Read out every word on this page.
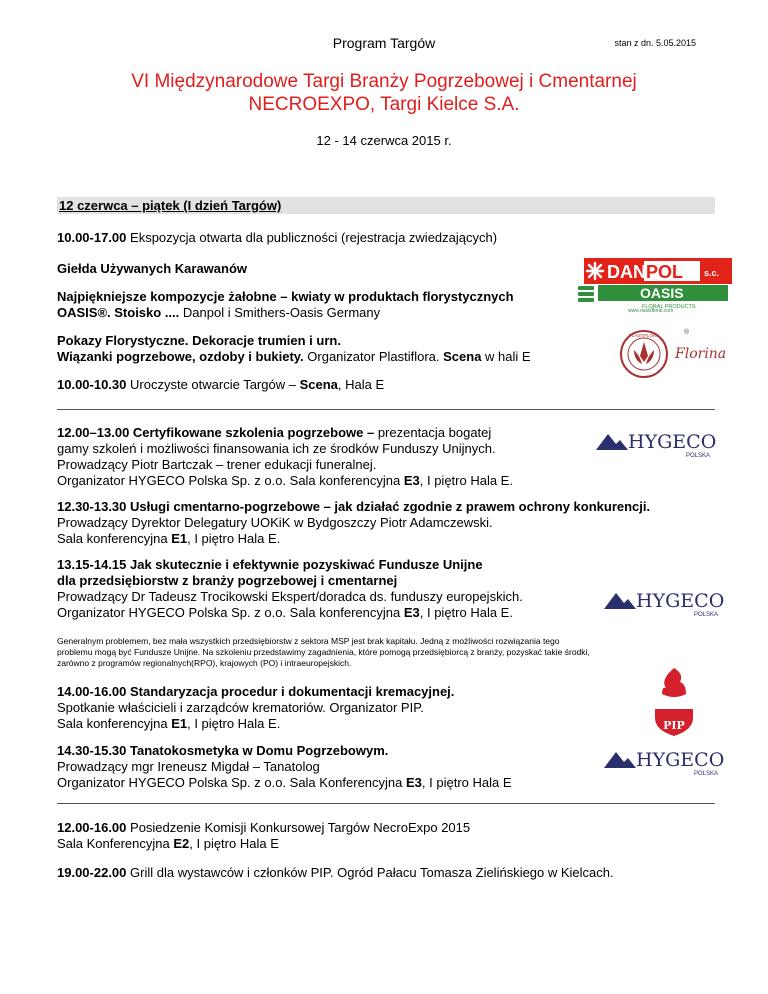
Program Targów	stan z dn. 5.05.2015
VI Międzynarodowe Targi Branży Pogrzebowej i Cmentarnej
NECROEXPO, Targi Kielce S.A.
12 - 14 czerwca 2015 r.
12 czerwca – piątek (I dzień Targów)
10.00-17.00 Ekspozycja otwarta dla publiczności (rejestracja zwiedzających)
Giełda Używanych Karawanów
Najpiękniejsze kompozycje żałobne – kwiaty w produktach florystycznych
OASIS®. Stoisko .... Danpol i Smithers-Oasis Germany
Pokazy Florystyczne. Dekoracje trumien i urn.
Wiązanki pogrzebowe, ozdoby i bukiety. Organizator Plastiflora. Scena w hali E
10.00-10.30 Uroczyste otwarcie Targów – Scena, Hala E
12.00–13.00 Certyfikowane szkolenia pogrzebowe – prezentacja bogatej
gamy szkoleń i możliwości finansowania ich ze środków Funduszy Unijnych.
Prowadzący Piotr Bartczak – trener edukacji funeralnej.
Organizator HYGECO Polska Sp. z o.o. Sala konferencyjna E3, I piętro Hala E.
12.30-13.30 Usługi cmentarno-pogrzebowe – jak działać zgodnie z prawem ochrony konkurencji.
Prowadzący Dyrektor Delegatury UOKiK w Bydgoszczy Piotr Adamczewski.
Sala konferencyjna E1, I piętro Hala E.
13.15-14.15 Jak skutecznie i efektywnie pozyskiwać Fundusze Unijne
dla przedsiębiorstw z branży pogrzebowej i cmentarnej
Prowadzący Dr Tadeusz Trocikowski Ekspert/doradca ds. funduszy europejskich.
Organizator HYGECO Polska Sp. z o.o. Sala konferencyjna E3, I piętro Hala E.
Generalnym problemem, bez mała wszystkich przedsiębiorstw z sektora MSP jest brak kapitału. Jedną z możliwości rozwiązania tego
problemu mogą być Fundusze Unijne. Na szkoleniu przedstawimy zagadnienia, które pomogą przedsiębiorcą z branży, pozyskać takie środki,
zarówno z programów regionalnych(RPO), krajowych (PO) i intraeuropejskich.
14.00-16.00 Standaryzacja procedur i dokumentacji kremacyjnej.
Spotkanie właścicieli i zarządców krematoriów. Organizator PIP.
Sala konferencyjna E1, I piętro Hala E.
14.30-15.30 Tanatokosmetyka w Domu Pogrzebowym.
Prowadzący mgr Ireneusz Migdał – Tanatolog
Organizator HYGECO Polska Sp. z o.o. Sala Konferencyjna E3, I piętro Hala E
12.00-16.00 Posiedzenie Komisji Konkursowej Targów NecroExpo 2015
Sala Konferencyjna E2, I piętro Hala E
19.00-22.00 Grill dla wystawców i członków PIP. Ogród Pałacu Tomasza Zielińskiego w Kielcach.
DAN POL s.c.
OASIS
FLORAL PRODUCTS
www.oasisfloral.com
PLASTIFLORA	®
Florina
HYGECO
POLSKA
HYGECO
POLSKA
PIP
HYGECO
POLSKA
